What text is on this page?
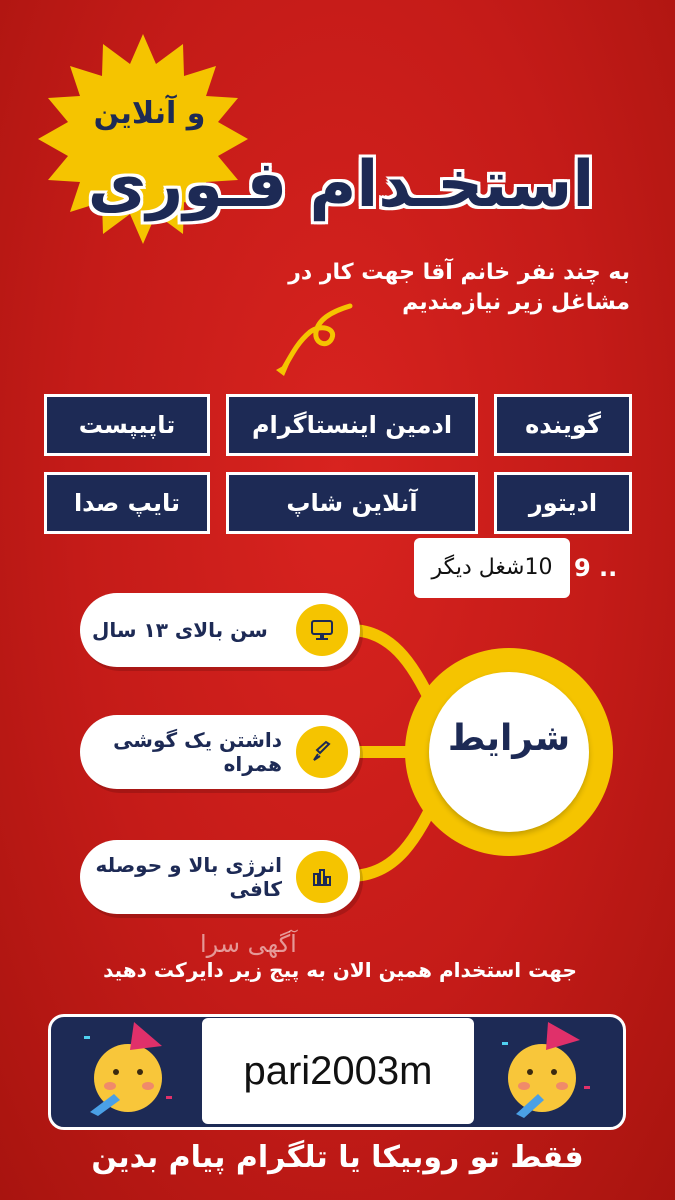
و آنلاین
استخـدام فـوری
به چند نفر خانم آقا جهت کار در
مشاغل زیر نیازمندیم
گوینده
ادمین اینستاگرام
تاپیپست
ادیتور
آنلاین شاپ
تایپ صدا
10شغل دیگر 9 ..
سن بالای ۱۳ سال
داشتن یک گوشی همراه
انرژی بالا و حوصله کافی
شرایط
آگهی سرا
جهت استخدام همین الان به پیج زیر دایرکت دهید
pari2003m
فقط تو روبیکا یا تلگرام پیام بدین
